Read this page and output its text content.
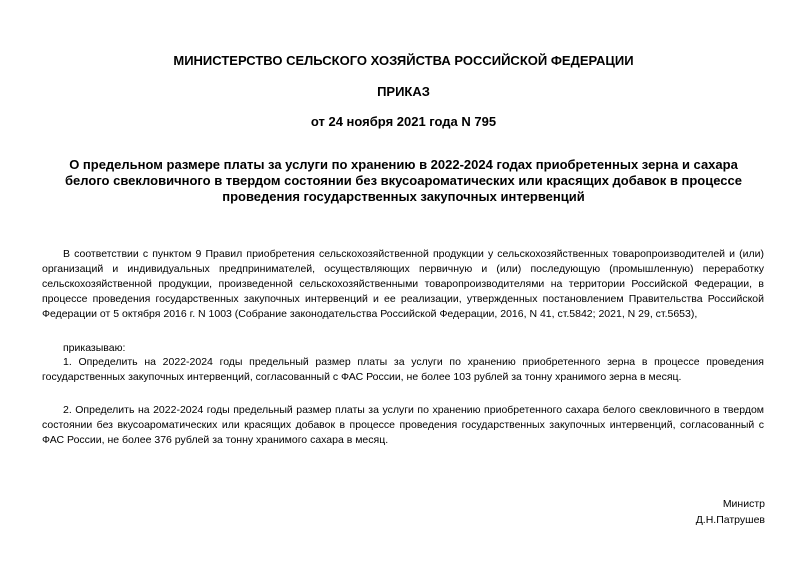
МИНИСТЕРСТВО СЕЛЬСКОГО ХОЗЯЙСТВА РОССИЙСКОЙ ФЕДЕРАЦИИ
ПРИКАЗ
от 24 ноября 2021 года N 795
О предельном размере платы за услуги по хранению в 2022-2024 годах приобретенных зерна и сахара белого свекловичного в твердом состоянии без вкусоароматических или красящих добавок в процессе проведения государственных закупочных интервенций

В соответствии с пунктом 9 Правил приобретения сельскохозяйственной продукции у сельскохозяйственных товаропроизводителей и (или) организаций и индивидуальных предпринимателей, осуществляющих первичную и (или) последующую (промышленную) переработку сельскохозяйственной продукции, произведенной сельскохозяйственными товаропроизводителями на территории Российской Федерации, в процессе проведения государственных закупочных интервенций и ее реализации, утвержденных постановлением Правительства Российской Федерации от 5 октября 2016 г. N 1003 (Собрание законодательства Российской Федерации, 2016, N 41, ст.5842; 2021, N 29, ст.5653),

приказываю:

1. Определить на 2022-2024 годы предельный размер платы за услуги по хранению приобретенного зерна в процессе проведения государственных закупочных интервенций, согласованный с ФАС России, не более 103 рублей за тонну хранимого зерна в месяц.

2. Определить на 2022-2024 годы предельный размер платы за услуги по хранению приобретенного сахара белого свекловичного в твердом состоянии без вкусоароматических или красящих добавок в процессе проведения государственных закупочных интервенций, согласованный с ФАС России, не более 376 рублей за тонну хранимого сахара в месяц.

Министр
Д.Н.Патрушев
